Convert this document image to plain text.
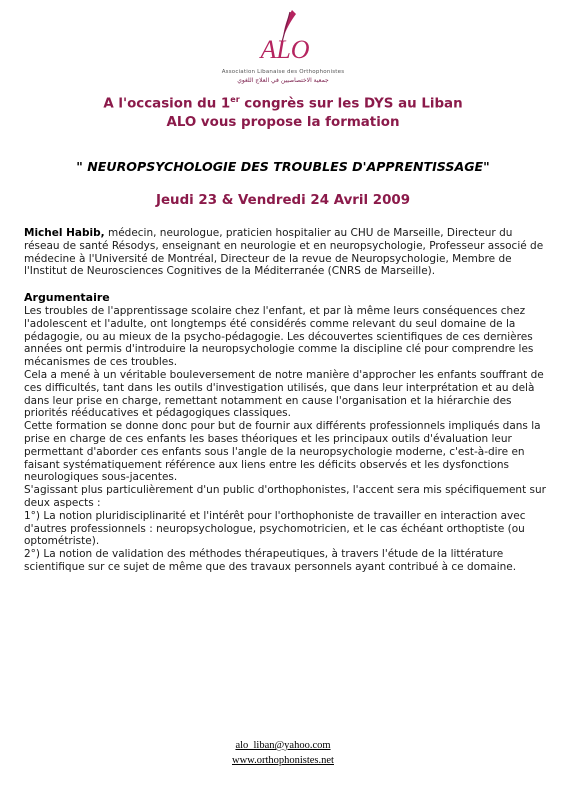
ALO
Association Libanaise des Orthophonistes
جمعية الاختصاصيين في العلاج اللغوي
A l'occasion du 1er congrès sur les DYS au Liban
ALO vous propose la formation
" NEUROPSYCHOLOGIE DES TROUBLES D'APPRENTISSAGE"
Jeudi 23 & Vendredi 24 Avril 2009
Michel Habib, médecin, neurologue, praticien hospitalier au CHU de Marseille, Directeur du réseau de santé Résodys, enseignant en neurologie et en neuropsychologie, Professeur associé de médecine à l'Université de Montréal, Directeur de la revue de Neuropsychologie, Membre de l'Institut de Neurosciences Cognitives de la Méditerranée (CNRS de Marseille).
Argumentaire

Les troubles de l'apprentissage scolaire chez l'enfant, et par là même leurs conséquences chez l'adolescent et l'adulte, ont longtemps été considérés comme relevant du seul domaine de la pédagogie, ou au mieux de la psycho-pédagogie. Les découvertes scientifiques de ces dernières années ont permis d'introduire la neuropsychologie comme la discipline clé pour comprendre les mécanismes de ces troubles.

Cela a mené à un véritable bouleversement de notre manière d'approcher les enfants souffrant de ces difficultés, tant dans les outils d'investigation utilisés, que dans leur interprétation et au delà dans leur prise en charge, remettant notamment en cause l'organisation et la hiérarchie des priorités rééducatives et pédagogiques classiques.

Cette formation se donne donc pour but de fournir aux différents professionnels impliqués dans la prise en charge de ces enfants les bases théoriques et les principaux outils d'évaluation leur permettant d'aborder ces enfants sous l'angle de la neuropsychologie moderne, c'est-à-dire en faisant systématiquement référence aux liens entre les déficits observés et les dysfonctions neurologiques sous-jacentes.

S'agissant plus particulièrement d'un public d'orthophonistes, l'accent sera mis spécifiquement sur deux aspects :

1°) La notion pluridisciplinarité et l'intérêt pour l'orthophoniste de travailler en interaction avec d'autres professionnels : neuropsychologue, psychomotricien, et le cas échéant orthoptiste (ou optométriste).

2°) La notion de validation des méthodes thérapeutiques, à travers l'étude de la littérature scientifique sur ce sujet de même que des travaux personnels ayant contribué à ce domaine.

alo_liban@yahoo.com
www.orthophonistes.net
